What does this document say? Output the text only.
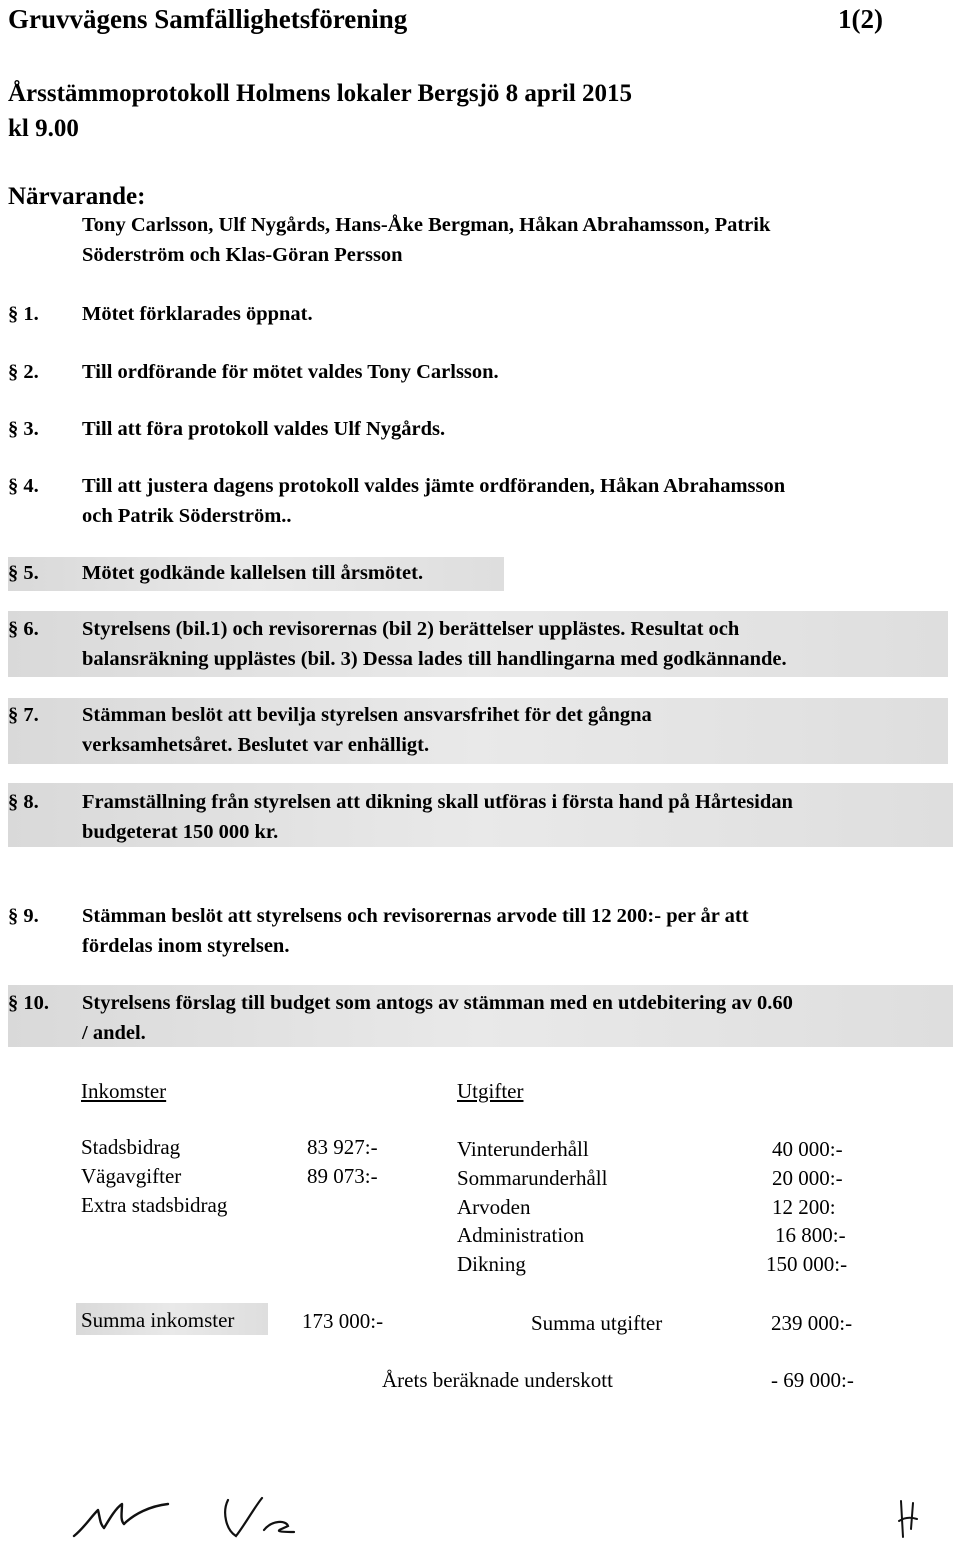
Gruvvägens Samfällighetsförening	1(2)
Årsstämmoprotokoll Holmens lokaler Bergsjö 8 april 2015
kl 9.00
Närvarande:
Tony Carlsson, Ulf Nygårds, Hans-Åke Bergman, Håkan Abrahamsson, Patrik
Söderström och Klas-Göran Persson
§ 1. Mötet förklarades öppnat.
§ 2. Till ordförande för mötet valdes Tony Carlsson.
§ 3. Till att föra protokoll valdes Ulf Nygårds.
§ 4. Till att justera dagens protokoll valdes jämte ordföranden, Håkan Abrahamsson
och Patrik Söderström..
§ 5. Mötet godkände kallelsen till årsmötet.
§ 6. Styrelsens (bil.1) och revisorernas (bil 2) berättelser upplästes. Resultat och
balansräkning upplästes (bil. 3) Dessa lades till handlingarna med godkännande.
§ 7. Stämman beslöt att bevilja styrelsen ansvarsfrihet för det gångna
verksamhetsåret. Beslutet var enhälligt.
§ 8. Framställning från styrelsen att dikning skall utföras i första hand på Hårtesidan
budgeterat 150 000 kr.
§ 9. Stämman beslöt att styrelsens och revisorernas arvode till 12 200:- per år att
fördelas inom styrelsen.
§ 10. Styrelsens förslag till budget som antogs av stämman med en utdebitering av 0.60
/ andel.
Inkomster	Utgifter
Stadsbidrag	83 927:-
Vägavgifter	89 073:-
Extra stadsbidrag
Vinterunderhåll	40 000:-
Sommarunderhåll	20 000:-
Arvoden	12 200:
Administration	16 800:-
Dikning	150 000:-
Summa inkomster	173 000:-	Summa utgifter	239 000:-
Årets beräknade underskott	- 69 000:-
